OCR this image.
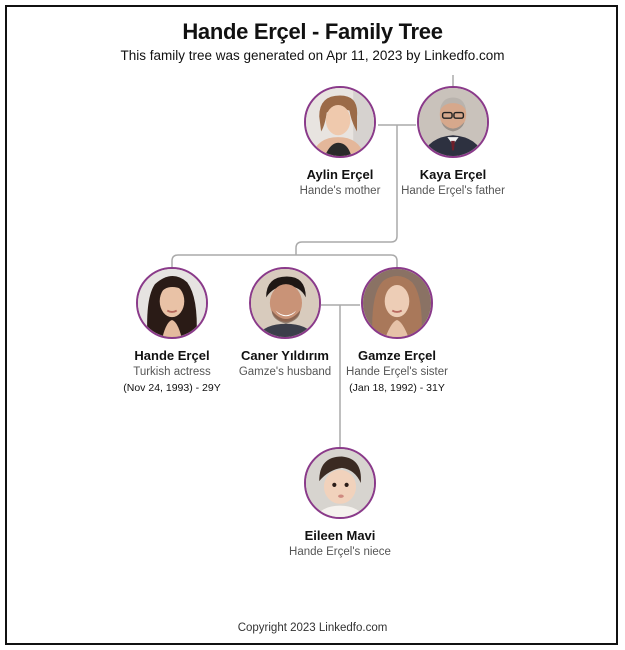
Hande Erçel - Family Tree
This family tree was generated on Apr 11, 2023 by Linkedfo.com
Aylin Erçel
Hande's mother
Kaya Erçel
Hande Erçel's father
Hande Erçel
Turkish actress
(Nov 24, 1993) - 29Y
Caner Yıldırım
Gamze's husband
Gamze Erçel
Hande Erçel's sister
(Jan 18, 1992) - 31Y
Eileen Mavi
Hande Erçel's niece
Copyright 2023 Linkedfo.com
